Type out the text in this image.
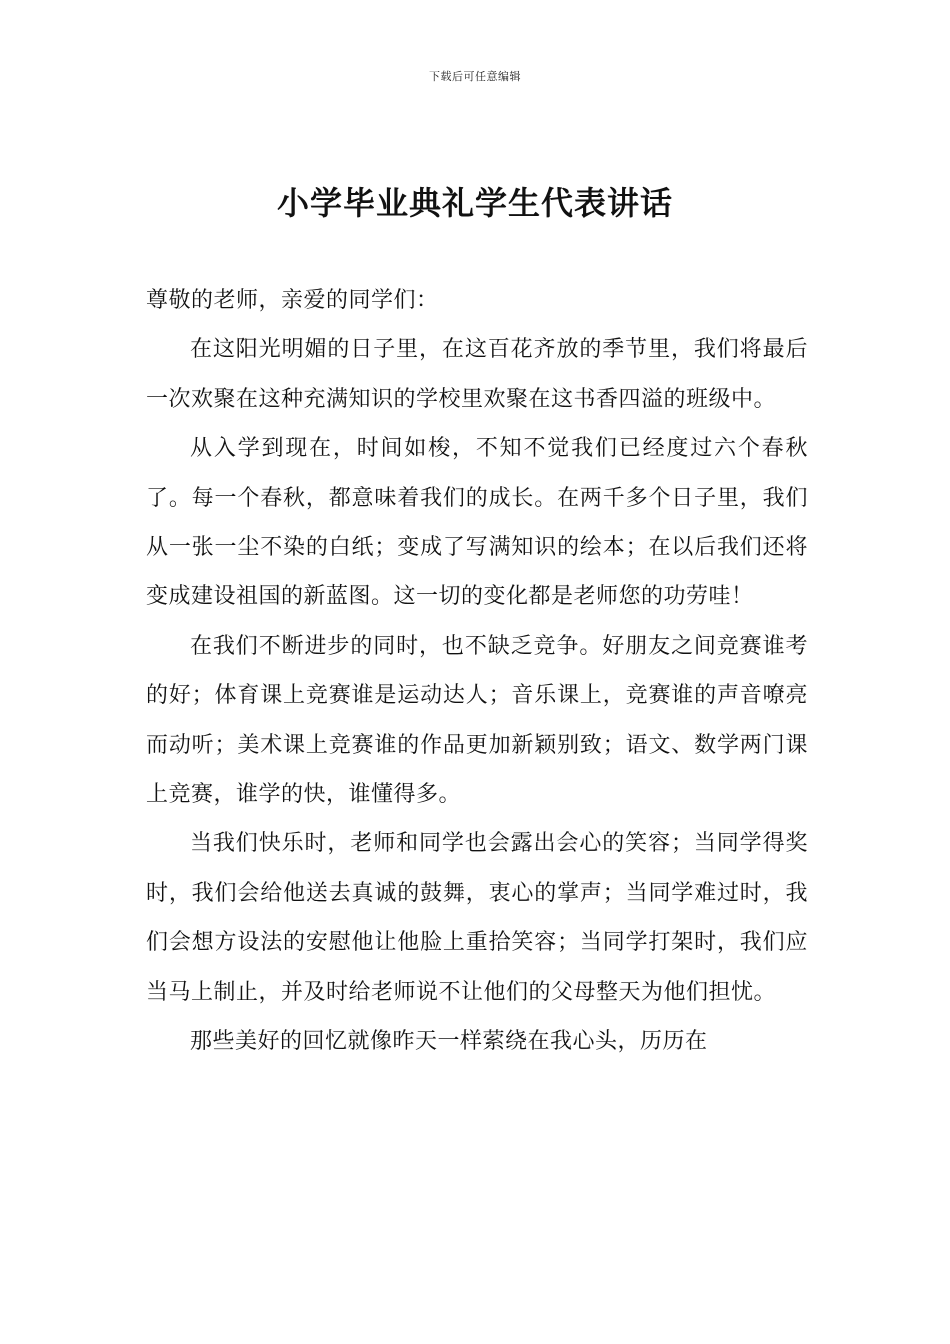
下载后可任意编辑
小学毕业典礼学生代表讲话

尊敬的老师，亲爱的同学们：

在这阳光明媚的日子里，在这百花齐放的季节里，我们将最后一次欢聚在这种充满知识的学校里欢聚在这书香四溢的班级中。

从入学到现在，时间如梭，不知不觉我们已经度过六个春秋了。每一个春秋，都意味着我们的成长。在两千多个日子里，我们从一张一尘不染的白纸；变成了写满知识的绘本；在以后我们还将变成建设祖国的新蓝图。这一切的变化都是老师您的功劳哇！

在我们不断进步的同时，也不缺乏竞争。好朋友之间竞赛谁考的好；体育课上竞赛谁是运动达人；音乐课上，竞赛谁的声音嘹亮而动听；美术课上竞赛谁的作品更加新颖别致；语文、数学两门课上竞赛，谁学的快，谁懂得多。

当我们快乐时，老师和同学也会露出会心的笑容；当同学得奖时，我们会给他送去真诚的鼓舞，衷心的掌声；当同学难过时，我们会想方设法的安慰他让他脸上重拾笑容；当同学打架时，我们应当马上制止，并及时给老师说不让他们的父母整天为他们担忧。

那些美好的回忆就像昨天一样萦绕在我心头，历历在
